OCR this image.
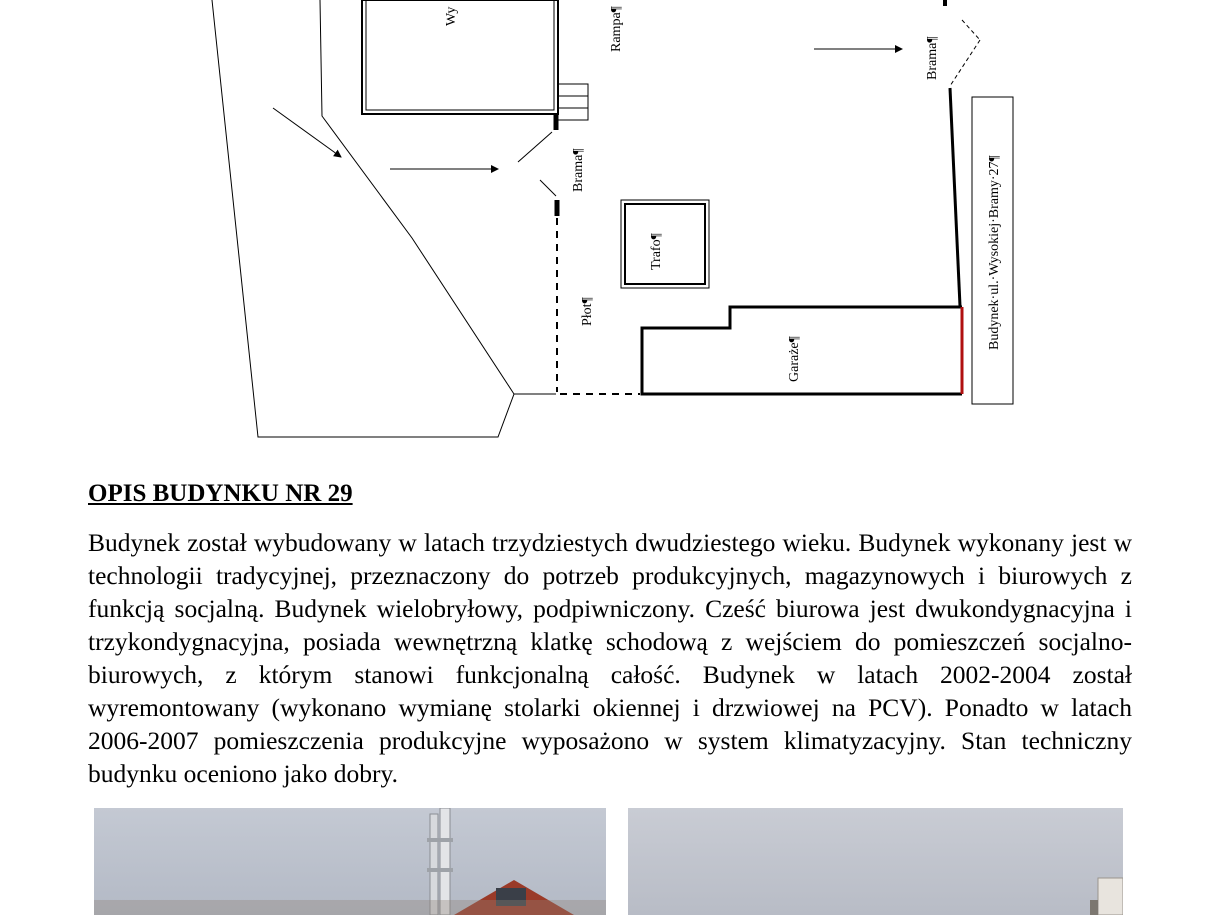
Wy	Rampa¶
Brama¶
Płot¶
Trafo¶
Garaże¶
Brama¶
Budynek·ul.·Wysokiej·Bramy·27¶
OPIS BUDYNKU NR 29

Budynek został wybudowany w latach trzydziestych dwudziestego wieku. Budynek wykonany jest w technologii tradycyjnej, przeznaczony do potrzeb produkcyjnych, magazynowych i biurowych z funkcją socjalną. Budynek wielobryłowy, podpiwniczony. Cześć biurowa jest dwukondygnacyjna i trzykondygnacyjna, posiada wewnętrzną klatkę schodową z wejściem do pomieszczeń socjalno-biurowych, z którym stanowi funkcjonalną całość. Budynek w latach 2002-2004 został wyremontowany (wykonano wymianę stolarki okiennej i drzwiowej na PCV). Ponadto w latach 2006-2007 pomieszczenia produkcyjne wyposażono w system klimatyzacyjny. Stan techniczny budynku oceniono jako dobry.
